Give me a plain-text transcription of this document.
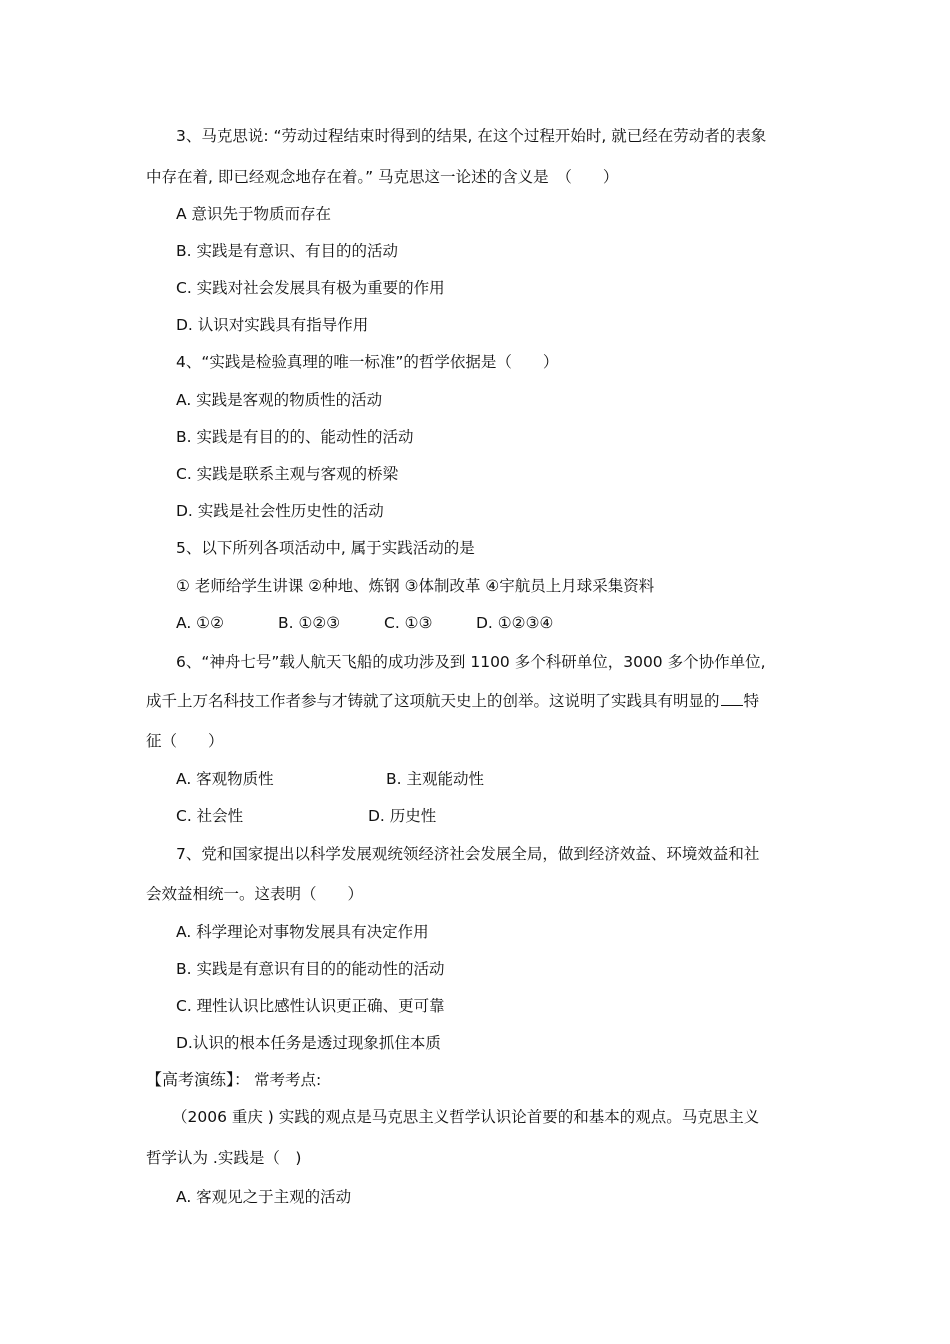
3、马克思说: “劳动过程结束时得到的结果, 在这个过程开始时, 就已经在劳动者的表象
中存在着, 即已经观念地存在着。” 马克思这一论述的含义是　（　　）
A 意识先于物质而存在
B. 实践是有意识、有目的的活动
C. 实践对社会发展具有极为重要的作用
D. 认识对实践具有指导作用
4、“实践是检验真理的唯一标准”的哲学依据是（　　）
A. 实践是客观的物质性的活动
B. 实践是有目的的、能动性的活动
C. 实践是联系主观与客观的桥梁
D. 实践是社会性历史性的活动
5、以下所列各项活动中, 属于实践活动的是
① 老师给学生讲课 ②种地、炼钢 ③体制改革 ④宇航员上月球采集资料
A. ①②	B. ①②③	C. ①③	D. ①②③④
6、“神舟七号”载人航天飞船的成功涉及到 1100 多个科研单位，3000 多个协作单位,
成千上万名科技工作者参与才铸就了这项航天史上的创举。这说明了实践具有明显的 特
征（　　）
A. 客观物质性	B. 主观能动性
C. 社会性	D. 历史性
7、党和国家提出以科学发展观统领经济社会发展全局，做到经济效益、环境效益和社
会效益相统一。这表明（　　）
A. 科学理论对事物发展具有决定作用
B. 实践是有意识有目的的能动性的活动
C. 理性认识比感性认识更正确、更可靠
D.认识的根本任务是透过现象抓住本质
【高考演练】： 常考考点:
（2006 重庆 ) 实践的观点是马克思主义哲学认识论首要的和基本的观点。马克思主义
哲学认为 .实践是（　)
A. 客观见之于主观的活动
